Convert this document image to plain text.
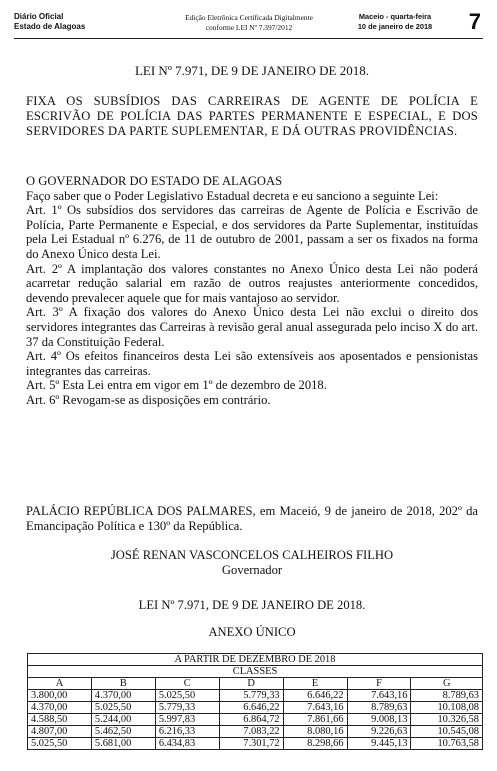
Diário Oficial
Estado de Alagoas
Edição Eletrônica Certificada Digitalmente
conforme LEI Nº 7.397/2012
Maceio - quarta-feira
10 de janeiro de 2018	7
LEI Nº 7.971, DE 9 DE JANEIRO DE 2018.
FIXA OS SUBSÍDIOS DAS CARREIRAS DE AGENTE DE POLÍCIA E ESCRIVÃO DE POLÍCIA DAS PARTES PERMANENTE E ESPECIAL, E DOS SERVIDORES DA PARTE SUPLEMENTAR, E DÁ OUTRAS PROVIDÊNCIAS.

O GOVERNADOR DO ESTADO DE ALAGOAS

Faço saber que o Poder Legislativo Estadual decreta e eu sanciono a seguinte Lei:

Art. 1º Os subsídios dos servidores das carreiras de Agente de Polícia e Escrivão de Polícia, Parte Permanente e Especial, e dos servidores da Parte Suplementar, instituídas pela Lei Estadual nº 6.276, de 11 de outubro de 2001, passam a ser os fixados na forma do Anexo Único desta Lei.

Art. 2º A implantação dos valores constantes no Anexo Único desta Lei não poderá acarretar redução salarial em razão de outros reajustes anteriormente concedidos, devendo prevalecer aquele que for mais vantajoso ao servidor.

Art. 3º A fixação dos valores do Anexo Único desta Lei não exclui o direito dos servidores integrantes das Carreiras à revisão geral anual assegurada pelo inciso X do art. 37 da Constituição Federal.

Art. 4º Os efeitos financeiros desta Lei são extensíveis aos aposentados e pensionistas integrantes das carreiras.

Art. 5º Esta Lei entra em vigor em 1º de dezembro de 2018.

Art. 6º Revogam-se as disposições em contrário.

PALÁCIO REPÚBLICA DOS PALMARES, em Maceió, 9 de janeiro de 2018, 202º da Emancipação Política e 130º da República.
JOSÉ RENAN VASCONCELOS CALHEIROS FILHO
Governador
LEI Nº 7.971, DE 9 DE JANEIRO DE 2018.
ANEXO ÚNICO
A PARTIR DE DEZEMBRO DE 2018						
CLASSES						
A	B	C	D	E	F	G
3.800,00	4.370,00	5.025,50	5.779,33	6.646,22	7.643,16	8.789,63
4.370,00	5.025,50	5.779,33	6.646,22	7.643,16	8.789,63	10.108,08
4.588,50	5.244,00	5.997,83	6.864,72	7.861,66	9.008,13	10.326,58
4.807,00	5.462,50	6.216,33	7.083,22	8.080,16	9.226,63	10.545,08
5.025,50	5.681,00	6.434,83	7.301,72	8.298,66	9.445,13	10.763,58
